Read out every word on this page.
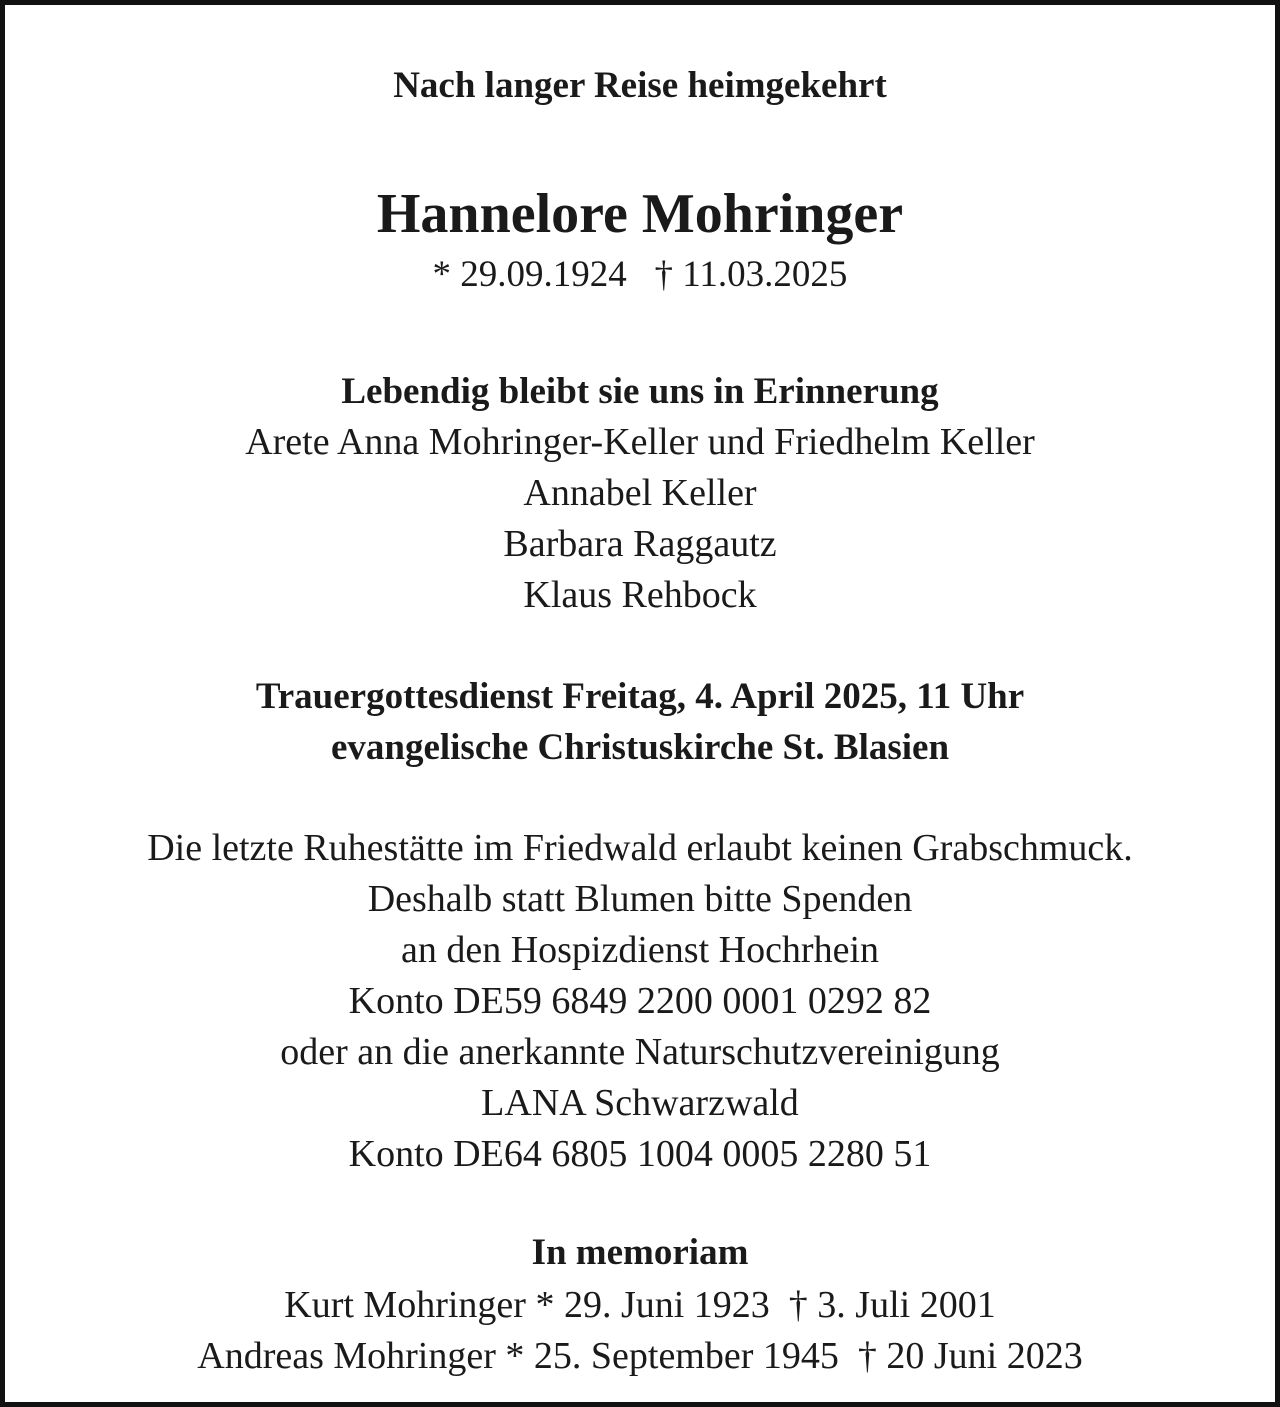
Nach langer Reise heimgekehrt
Hannelore Mohringer
* 29.09.1924   † 11.03.2025
Lebendig bleibt sie uns in Erinnerung
Arete Anna Mohringer-Keller und Friedhelm Keller
Annabel Keller
Barbara Raggautz
Klaus Rehbock
Trauergottesdienst Freitag, 4. April 2025, 11 Uhr
evangelische Christuskirche St. Blasien
Die letzte Ruhestätte im Friedwald erlaubt keinen Grabschmuck.
Deshalb statt Blumen bitte Spenden
an den Hospizdienst Hochrhein
Konto DE59 6849 2200 0001 0292 82
oder an die anerkannte Naturschutzvereinigung
LANA Schwarzwald
Konto DE64 6805 1004 0005 2280 51
In memoriam
Kurt Mohringer * 29. Juni 1923  † 3. Juli 2001
Andreas Mohringer * 25. September 1945  † 20 Juni 2023
